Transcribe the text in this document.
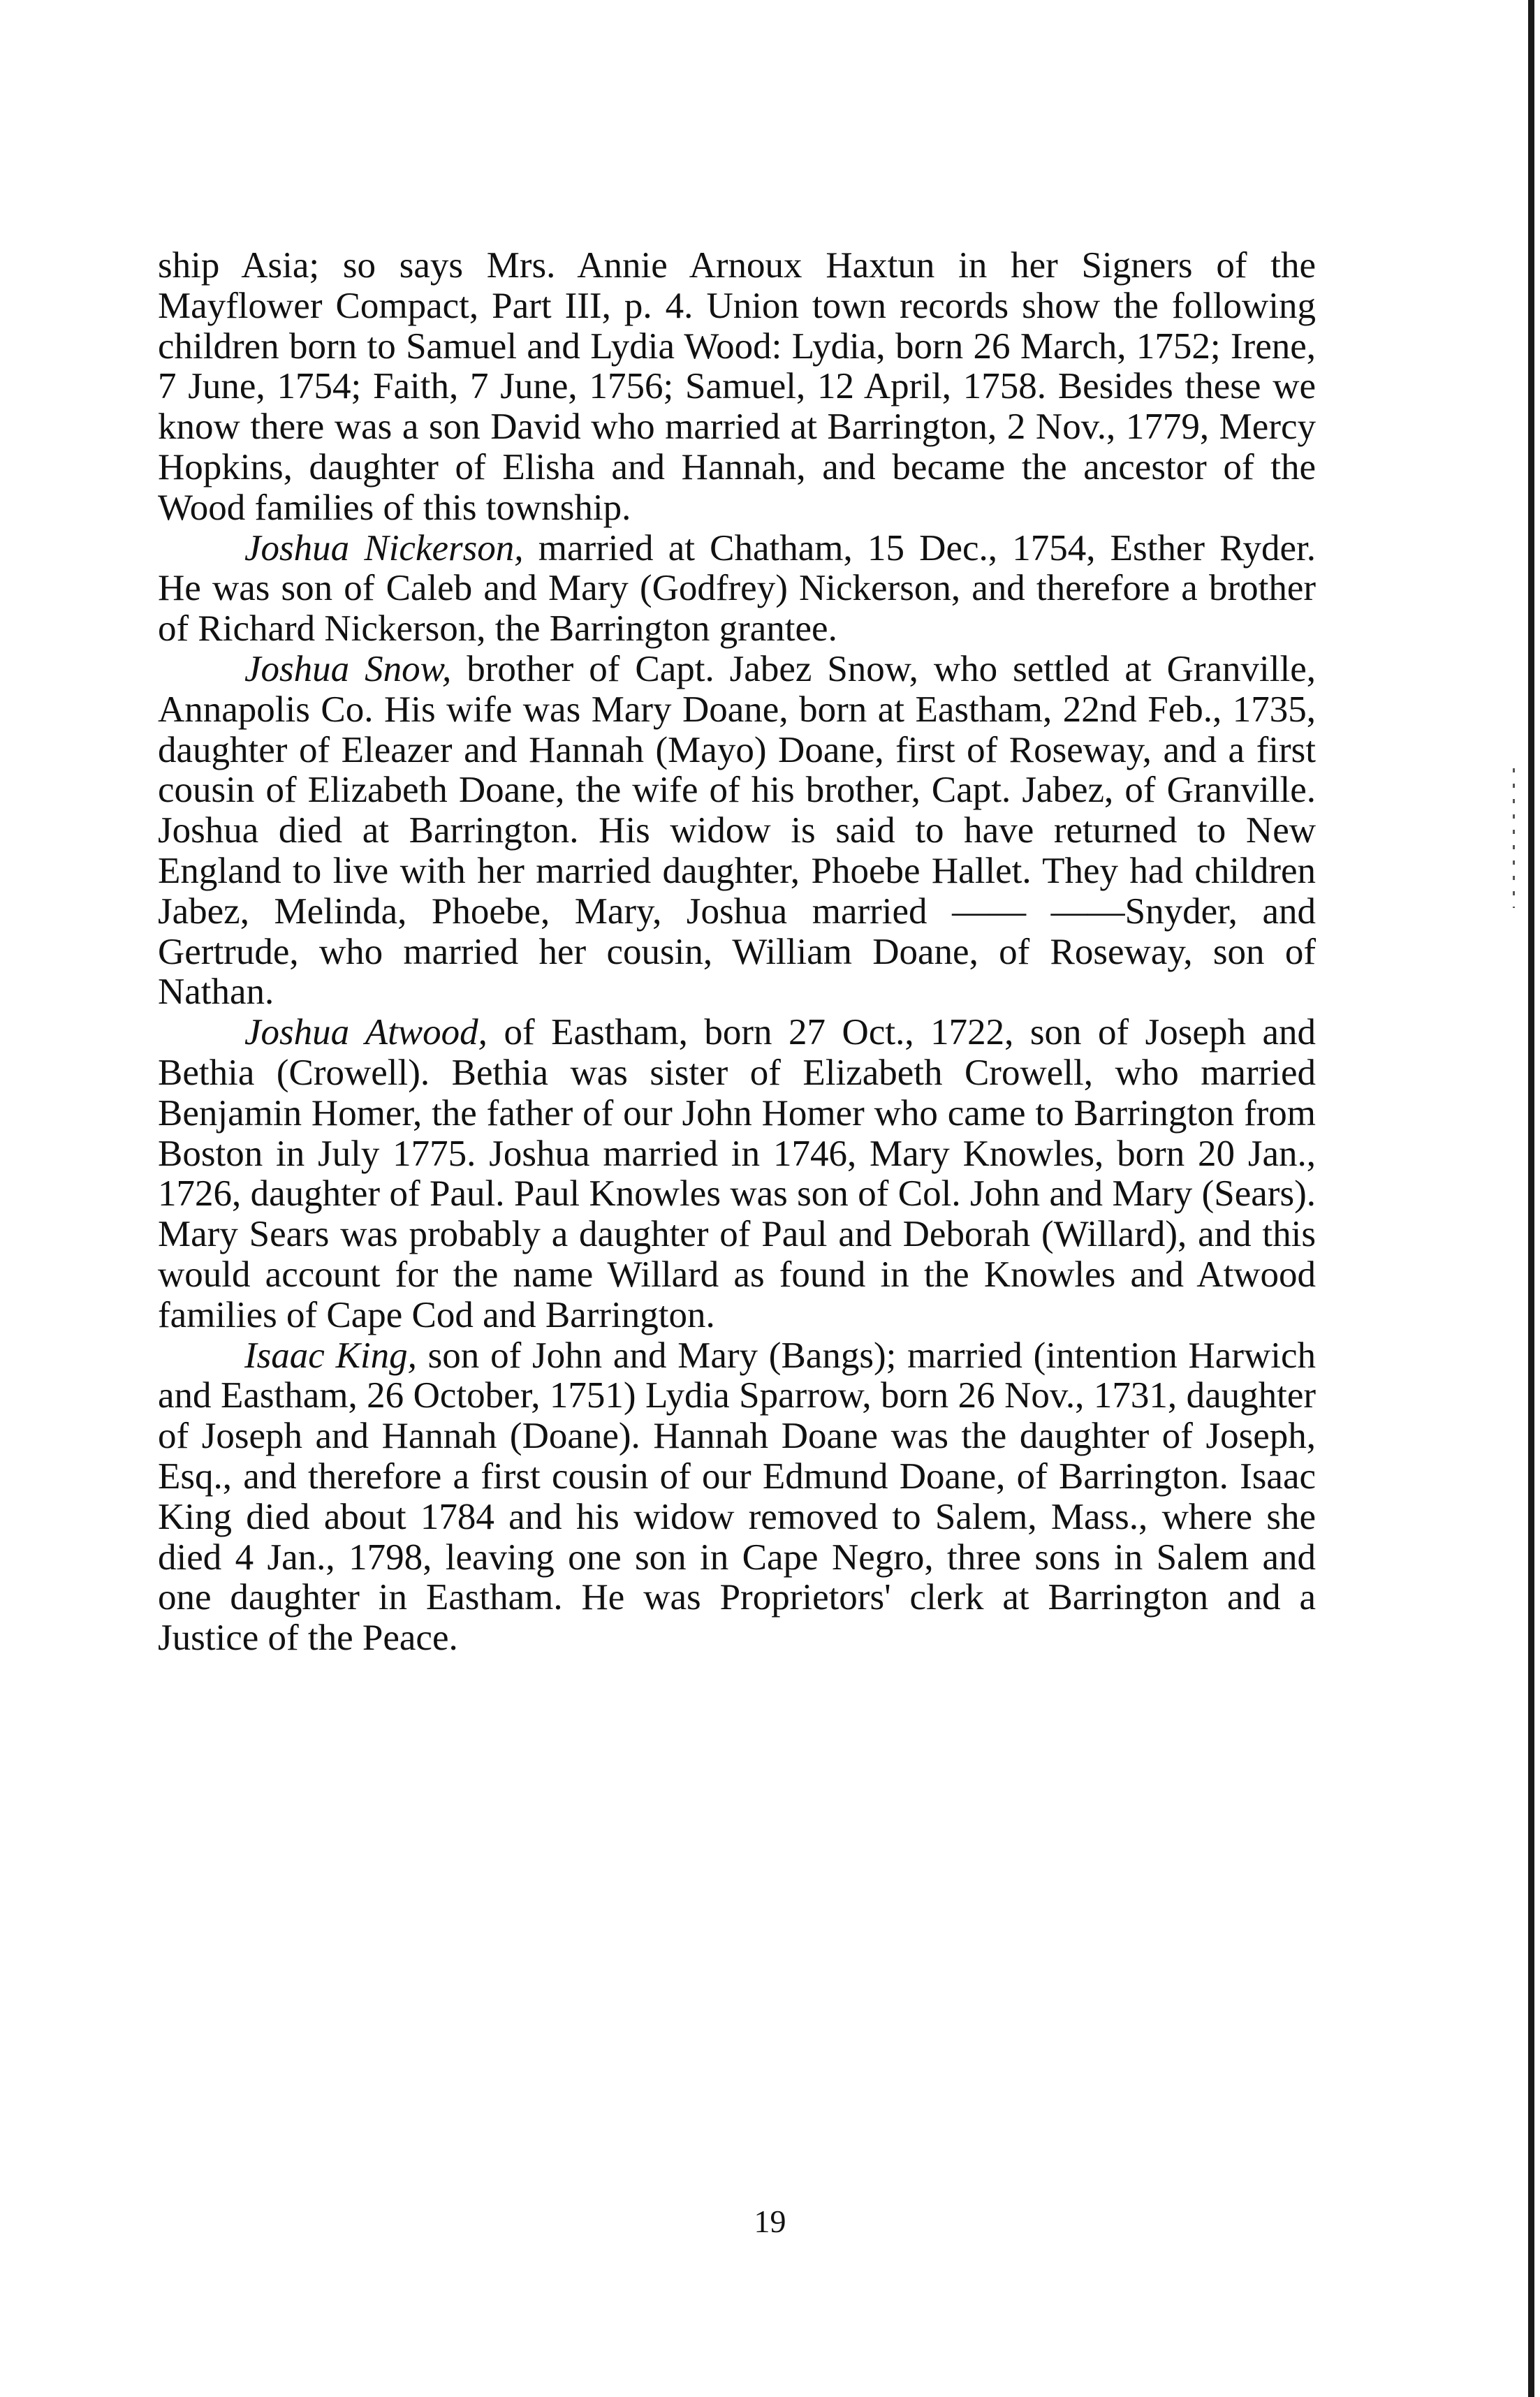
ship Asia; so says Mrs. Annie Arnoux Haxtun in her Signers of the Mayflower Compact, Part III, p. 4. Union town records show the following children born to Samuel and Lydia Wood: Lydia, born 26 March, 1752; Irene, 7 June, 1754; Faith, 7 June, 1756; Samuel, 12 April, 1758. Besides these we know there was a son David who married at Barrington, 2 Nov., 1779, Mercy Hopkins, daughter of Elisha and Hannah, and became the ancestor of the Wood families of this township.

Joshua Nickerson, married at Chatham, 15 Dec., 1754, Esther Ryder. He was son of Caleb and Mary (Godfrey) Nickerson, and therefore a brother of Richard Nickerson, the Barrington grantee.

Joshua Snow, brother of Capt. Jabez Snow, who settled at Granville, Annapolis Co. His wife was Mary Doane, born at Eastham, 22nd Feb., 1735, daughter of Eleazer and Hannah (Mayo) Doane, first of Roseway, and a first cousin of Elizabeth Doane, the wife of his brother, Capt. Jabez, of Granville. Joshua died at Barrington. His widow is said to have returned to New England to live with her married daughter, Phoebe Hallet. They had children Jabez, Melinda, Phoebe, Mary, Joshua married —— ——Snyder, and Gertrude, who married her cousin, William Doane, of Roseway, son of Nathan.

Joshua Atwood, of Eastham, born 27 Oct., 1722, son of Joseph and Bethia (Crowell). Bethia was sister of Elizabeth Crowell, who married Benjamin Homer, the father of our John Homer who came to Barrington from Boston in July 1775. Joshua married in 1746, Mary Knowles, born 20 Jan., 1726, daughter of Paul. Paul Knowles was son of Col. John and Mary (Sears). Mary Sears was probably a daughter of Paul and Deborah (Willard), and this would account for the name Willard as found in the Knowles and Atwood families of Cape Cod and Barrington.

Isaac King, son of John and Mary (Bangs); married (intention Harwich and Eastham, 26 October, 1751) Lydia Sparrow, born 26 Nov., 1731, daughter of Joseph and Hannah (Doane). Hannah Doane was the daughter of Joseph, Esq., and therefore a first cousin of our Edmund Doane, of Barrington. Isaac King died about 1784 and his widow removed to Salem, Mass., where she died 4 Jan., 1798, leaving one son in Cape Negro, three sons in Salem and one daughter in Eastham. He was Proprietors' clerk at Barrington and a Justice of the Peace.

19
